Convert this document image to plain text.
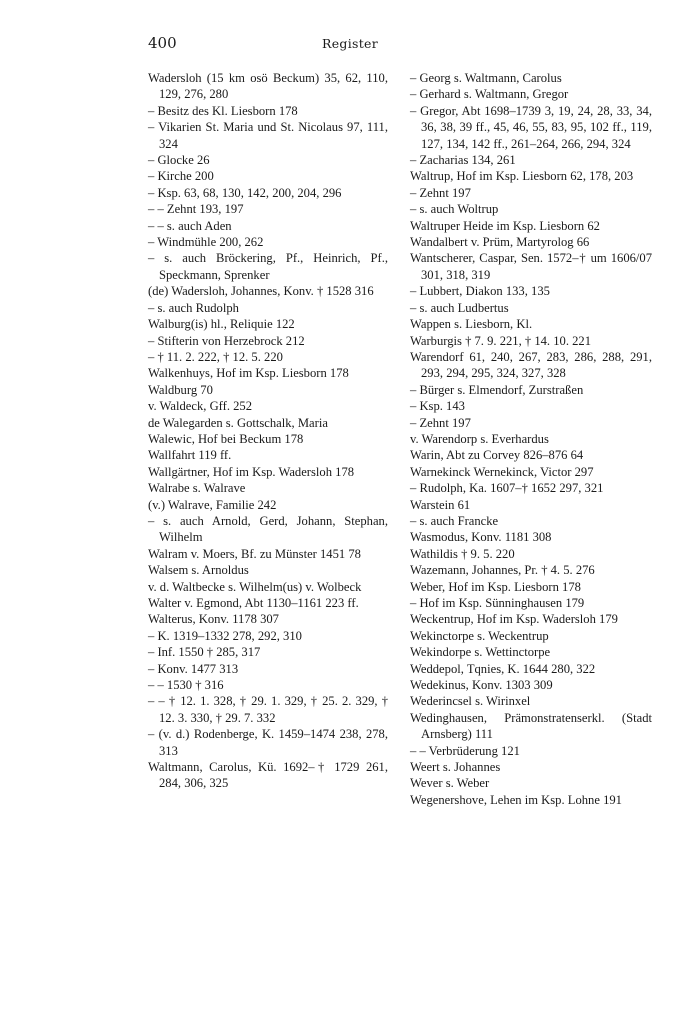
400	Register

Wadersloh (15 km osö Beckum) 35, 62, 110, 129, 276, 280

– Besitz des Kl. Liesborn 178

– Vikarien St. Maria und St. Nicolaus 97, 111, 324

– Glocke 26

– Kirche 200

– Ksp. 63, 68, 130, 142, 200, 204, 296

– – Zehnt 193, 197

– – s. auch Aden

– Windmühle 200, 262

– s. auch Bröckering, Pf., Heinrich, Pf., Speckmann, Sprenker

(de) Wadersloh, Johannes, Konv. † 1528 316

– s. auch Rudolph

Walburg(is) hl., Reliquie 122

– Stifterin von Herzebrock 212

– † 11. 2. 222, † 12. 5. 220

Walkenhuys, Hof im Ksp. Liesborn 178

Waldburg 70

v. Waldeck, Gff. 252

de Walegarden s. Gottschalk, Maria

Walewic, Hof bei Beckum 178

Wallfahrt 119 ff.

Wallgärtner, Hof im Ksp. Wadersloh 178

Walrabe s. Walrave

(v.) Walrave, Familie 242

– s. auch Arnold, Gerd, Johann, Stephan, Wilhelm

Walram v. Moers, Bf. zu Münster 1451 78

Walsem s. Arnoldus

v. d. Waltbecke s. Wilhelm(us) v. Wolbeck

Walter v. Egmond, Abt 1130–1161 223 ff.

Walterus, Konv. 1178 307

– K. 1319–1332 278, 292, 310

– Inf. 1550 † 285, 317

– Konv. 1477 313

– – 1530 † 316

– – † 12. 1. 328, † 29. 1. 329, † 25. 2. 329, † 12. 3. 330, † 29. 7. 332

– (v. d.) Rodenberge, K. 1459–1474 238, 278, 313

Waltmann, Carolus, Kü. 1692–† 1729 261, 284, 306, 325

– Georg s. Waltmann, Carolus

– Gerhard s. Waltmann, Gregor

– Gregor, Abt 1698–1739 3, 19, 24, 28, 33, 34, 36, 38, 39 ff., 45, 46, 55, 83, 95, 102 ff., 119, 127, 134, 142 ff., 261–264, 266, 294, 324

– Zacharias 134, 261

Waltrup, Hof im Ksp. Liesborn 62, 178, 203

– Zehnt 197

– s. auch Woltrup

Waltruper Heide im Ksp. Liesborn 62

Wandalbert v. Prüm, Martyrolog 66

Wantscherer, Caspar, Sen. 1572–† um 1606/07 301, 318, 319

– Lubbert, Diakon 133, 135

– s. auch Ludbertus

Wappen s. Liesborn, Kl.

Warburgis † 7. 9. 221, † 14. 10. 221

Warendorf 61, 240, 267, 283, 286, 288, 291, 293, 294, 295, 324, 327, 328

– Bürger s. Elmendorf, Zurstraßen

– Ksp. 143

– Zehnt 197

v. Warendorp s. Everhardus

Warin, Abt zu Corvey 826–876 64

Warnekinck Wernekinck, Victor 297

– Rudolph, Ka. 1607–† 1652 297, 321

Warstein 61

– s. auch Francke

Wasmodus, Konv. 1181 308

Wathildis † 9. 5. 220

Wazemann, Johannes, Pr. † 4. 5. 276

Weber, Hof im Ksp. Liesborn 178

– Hof im Ksp. Sünninghausen 179

Weckentrup, Hof im Ksp. Wadersloh 179

Wekinctorpe s. Weckentrup

Wekindorpe s. Wettinctorpe

Weddepol, Tqnies, K. 1644 280, 322

Wedekinus, Konv. 1303 309

Wederincsel s. Wirinxel

Wedinghausen, Prämonstratenserkl. (Stadt Arnsberg) 111

– – Verbrüderung 121

Weert s. Johannes

Wever s. Weber

Wegenershove, Lehen im Ksp. Lohne 191
